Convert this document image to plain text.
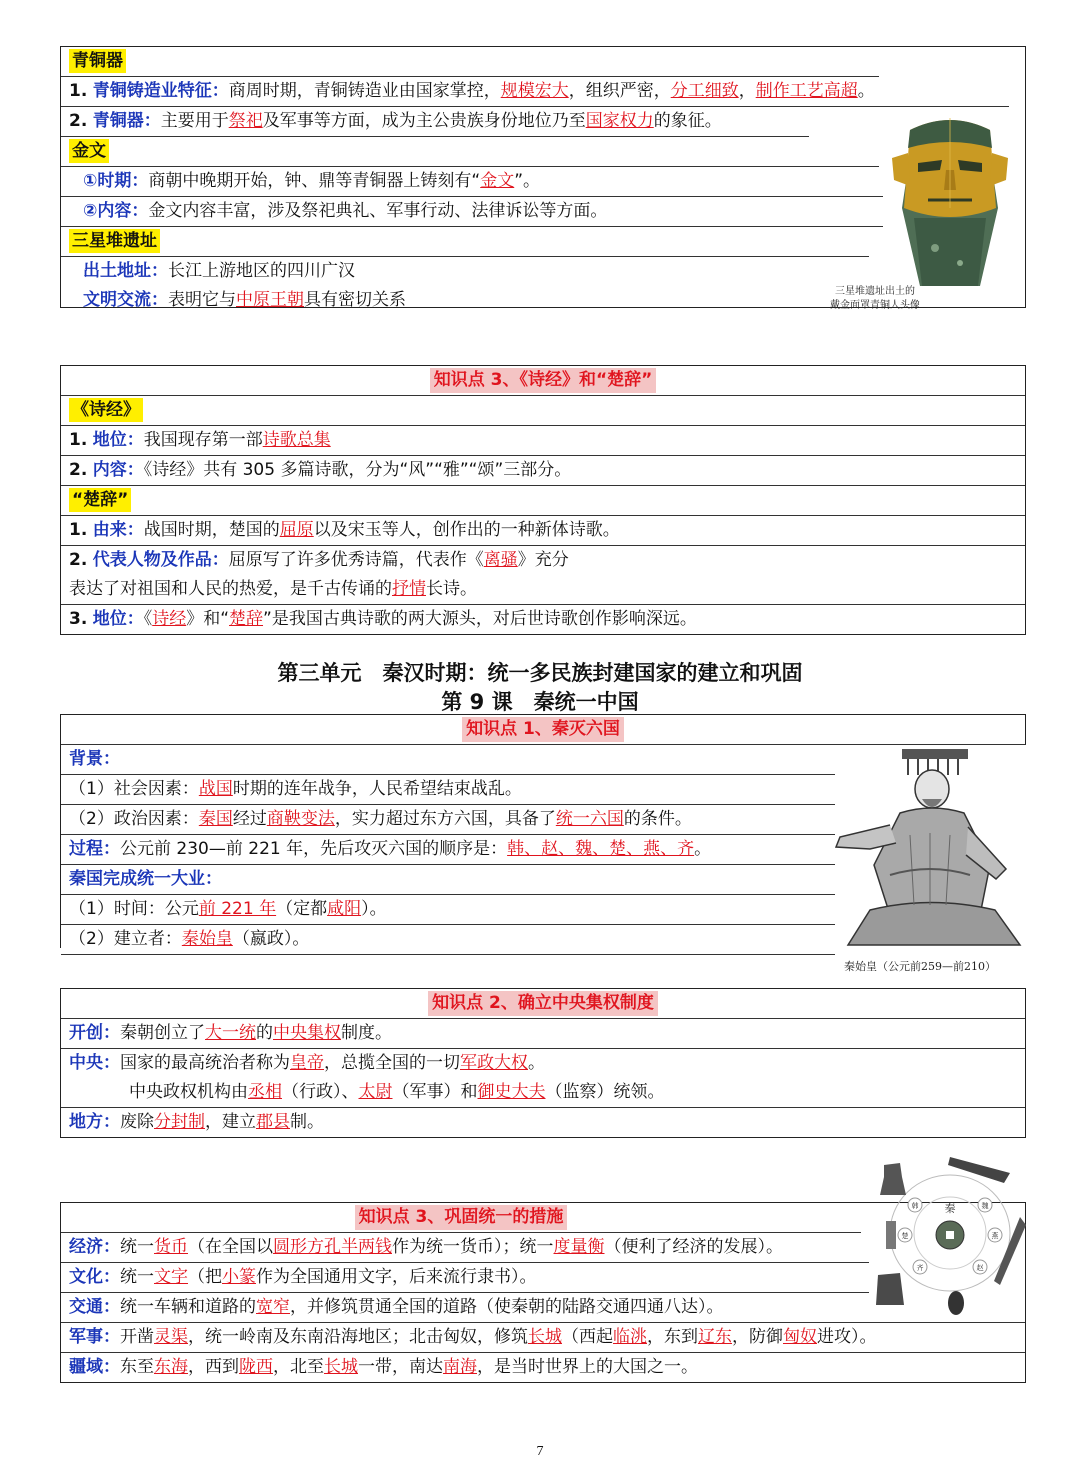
青铜器
1. 青铜铸造业特征：商周时期，青铜铸造业由国家掌控，规模宏大，组织严密，分工细致，制作工艺高超。
2. 青铜器：主要用于祭祀及军事等方面，成为主公贵族身份地位乃至国家权力的象征。
金文
①时期：商朝中晚期开始，钟、鼎等青铜器上铸刻有“金文”。
②内容：金文内容丰富，涉及祭祀典礼、军事行动、法律诉讼等方面。
三星堆遗址
出土地址：长江上游地区的四川广汉
文明交流：表明它与中原王朝具有密切关系	三星堆遗址出土的
戴金面罩青铜人头像
知识点 3、《诗经》和“楚辞”
《诗经》
1. 地位：我国现存第一部诗歌总集
2. 内容：《诗经》共有 305 多篇诗歌，分为“风”“雅”“颂”三部分。
“楚辞”
1. 由来：战国时期，楚国的屈原以及宋玉等人，创作出的一种新体诗歌。
2. 代表人物及作品：屈原写了许多优秀诗篇，代表作《离骚》充分
表达了对祖国和人民的热爱，是千古传诵的抒情长诗。
3. 地位：《诗经》和“楚辞”是我国古典诗歌的两大源头，对后世诗歌创作影响深远。
第三单元　秦汉时期：统一多民族封建国家的建立和巩固
第 9 课　秦统一中国
知识点 1、秦灭六国
背景：
（1）社会因素：战国时期的连年战争，人民希望结束战乱。
（2）政治因素：秦国经过商鞅变法，实力超过东方六国，具备了统一六国的条件。
过程：公元前 230—前 221 年，先后攻灭六国的顺序是：韩、赵、魏、楚、燕、齐。
秦国完成统一大业：
（1）时间：公元前 221 年（定都咸阳）。
（2）建立者：秦始皇（嬴政）。
秦始皇（公元前259—前210）
知识点 2、确立中央集权制度
开创：秦朝创立了大一统的中央集权制度。
中央：国家的最高统治者称为皇帝，总揽全国的一切军政大权。
中央政权机构由丞相（行政）、太尉（军事）和御史大夫（监察）统领。
地方：废除分封制，建立郡县制。
知识点 3、巩固统一的措施
经济：统一货币（在全国以圆形方孔半两钱作为统一货币）；统一度量衡（便利了经济的发展）。
文化：统一文字（把小篆作为全国通用文字，后来流行隶书）。
交通：统一车辆和道路的宽窄，并修筑贯通全国的道路（使秦朝的陆路交通四通八达）。
军事：开凿灵渠，统一岭南及东南沿海地区；北击匈奴，修筑长城（西起临洮，东到辽东，防御匈奴进攻）。
疆域：东至东海，西到陇西，北至长城一带，南达南海，是当时世界上的大国之一。
秦
韩	魏
楚	燕
齐	赵
7
